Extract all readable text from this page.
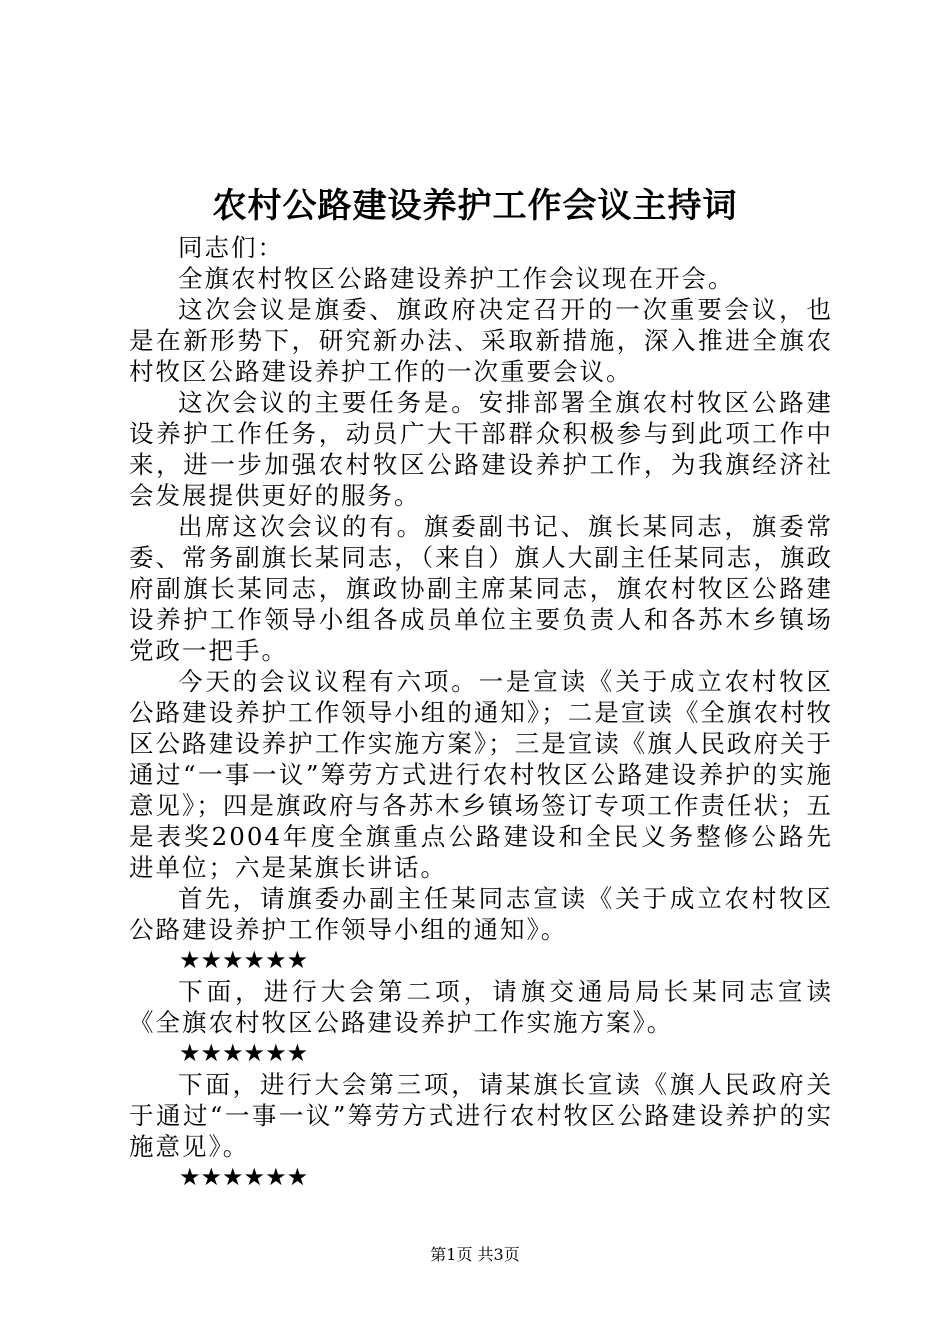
农村公路建设养护工作会议主持词

同志们：

全旗农村牧区公路建设养护工作会议现在开会。

这次会议是旗委、旗政府决定召开的一次重要会议，也是在新形势下，研究新办法、采取新措施，深入推进全旗农村牧区公路建设养护工作的一次重要会议。

这次会议的主要任务是。安排部署全旗农村牧区公路建设养护工作任务，动员广大干部群众积极参与到此项工作中来，进一步加强农村牧区公路建设养护工作，为我旗经济社会发展提供更好的服务。

出席这次会议的有。旗委副书记、旗长某同志，旗委常委、常务副旗长某同志，（来自）旗人大副主任某同志，旗政府副旗长某同志，旗政协副主席某同志，旗农村牧区公路建设养护工作领导小组各成员单位主要负责人和各苏木乡镇场党政一把手。

今天的会议议程有六项。一是宣读《关于成立农村牧区公路建设养护工作领导小组的通知》；二是宣读《全旗农村牧区公路建设养护工作实施方案》；三是宣读《旗人民政府关于通过“一事一议”筹劳方式进行农村牧区公路建设养护的实施意见》；四是旗政府与各苏木乡镇场签订专项工作责任状；五是表奖2004年度全旗重点公路建设和全民义务整修公路先进单位；六是某旗长讲话。

首先，请旗委办副主任某同志宣读《关于成立农村牧区公路建设养护工作领导小组的通知》。

★★★★★★

下面，进行大会第二项，请旗交通局局长某同志宣读《全旗农村牧区公路建设养护工作实施方案》。

★★★★★★

下面，进行大会第三项，请某旗长宣读《旗人民政府关于通过“一事一议”筹劳方式进行农村牧区公路建设养护的实施意见》。

★★★★★★

第1页 共3页
